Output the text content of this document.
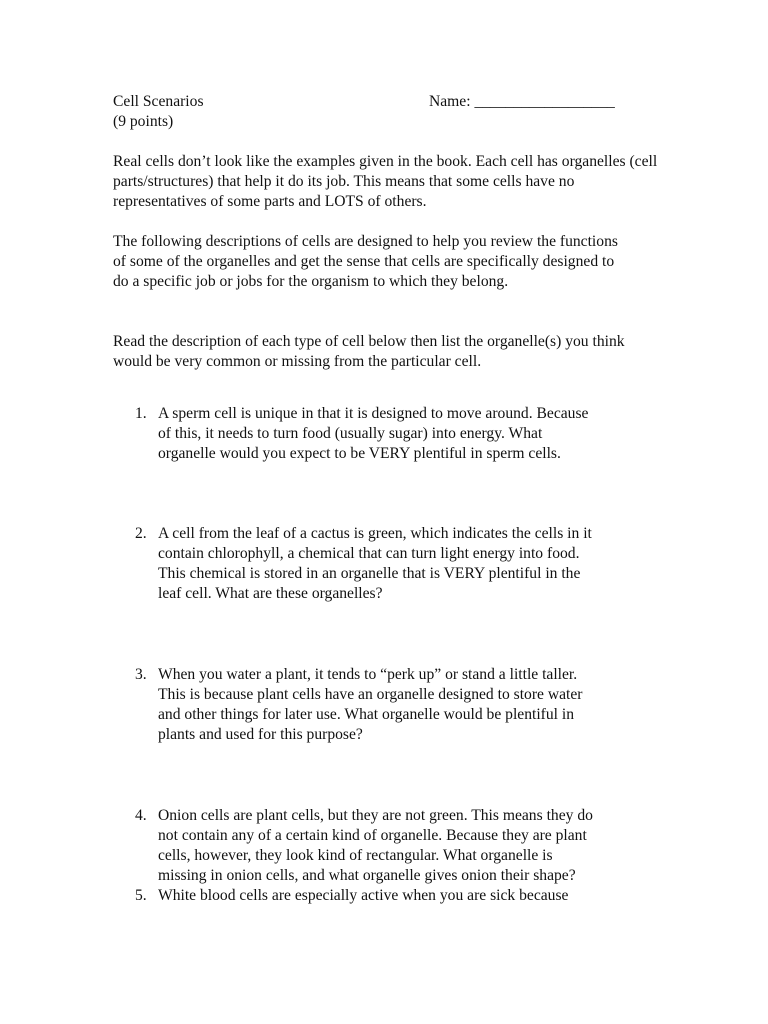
Cell Scenarios
(9 points)
Name: __________________

Real cells don’t look like the examples given in the book. Each cell has organelles (cell parts/structures) that help it do its job. This means that some cells have no representatives of some parts and LOTS of others.

The following descriptions of cells are designed to help you review the functions of some of the organelles and get the sense that cells are specifically designed to do a specific job or jobs for the organism to which they belong.

Read the description of each type of cell below then list the organelle(s) you think would be very common or missing from the particular cell.

1. A sperm cell is unique in that it is designed to move around. Because
of this, it needs to turn food (usually sugar) into energy. What
organelle would you expect to be VERY plentiful in sperm cells.
2. A cell from the leaf of a cactus is green, which indicates the cells in it
contain chlorophyll, a chemical that can turn light energy into food.
This chemical is stored in an organelle that is VERY plentiful in the
leaf cell. What are these organelles?
3. When you water a plant, it tends to “perk up” or stand a little taller.
This is because plant cells have an organelle designed to store water
and other things for later use. What organelle would be plentiful in
plants and used for this purpose?
4. Onion cells are plant cells, but they are not green. This means they do
not contain any of a certain kind of organelle. Because they are plant
cells, however, they look kind of rectangular. What organelle is
missing in onion cells, and what organelle gives onion their shape?
5. White blood cells are especially active when you are sick because
